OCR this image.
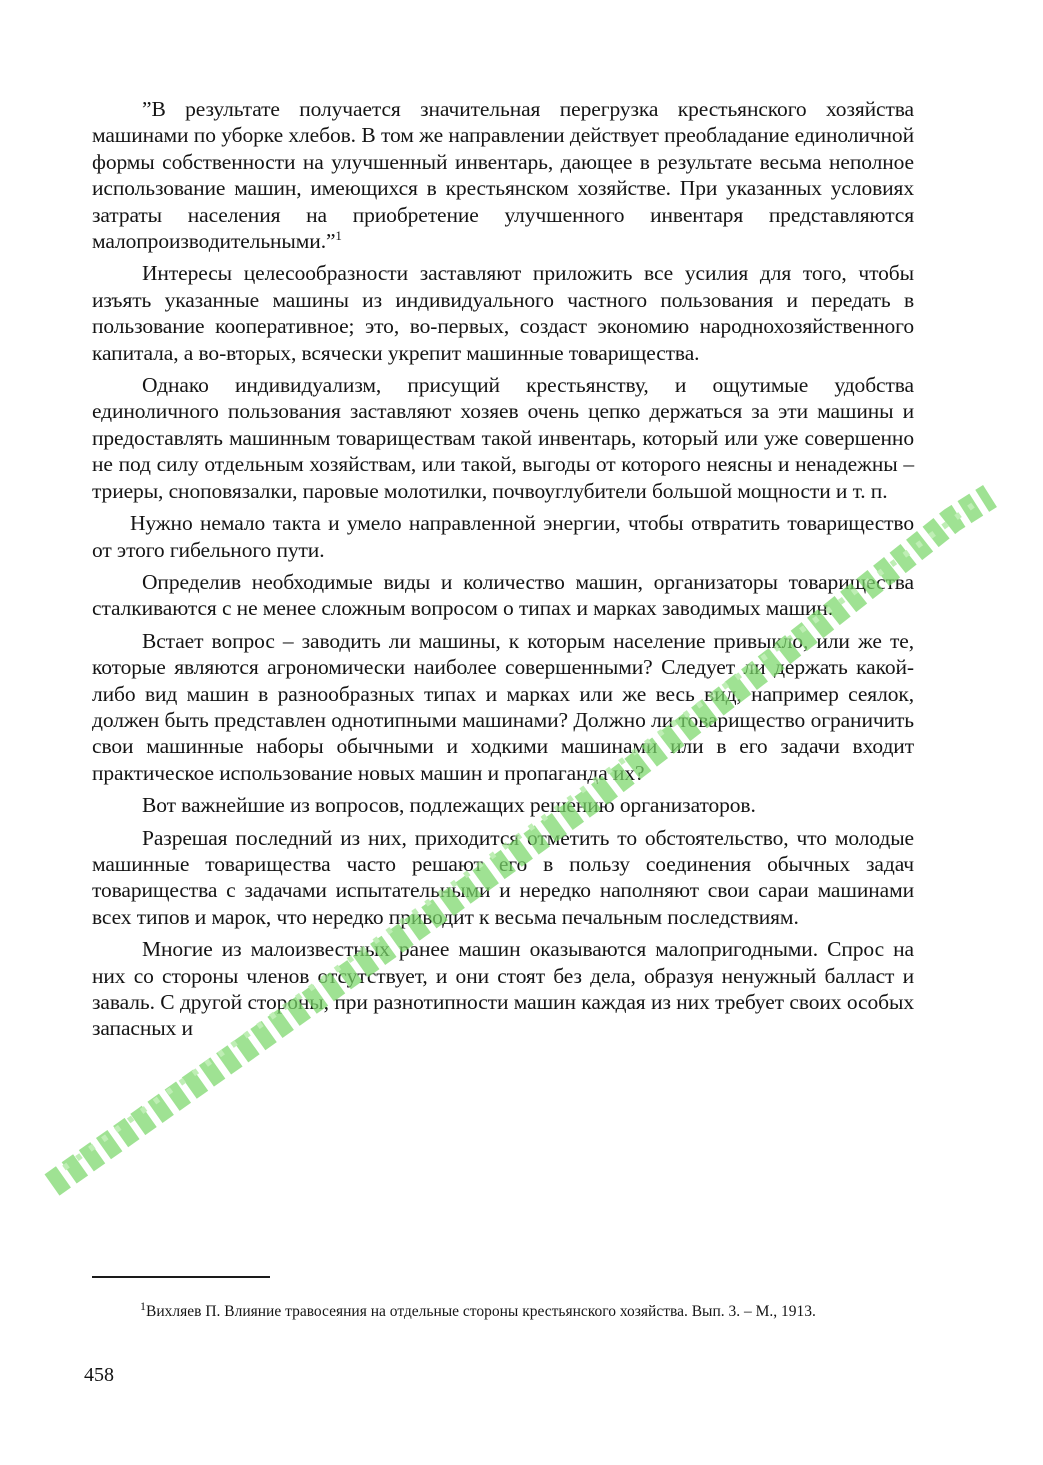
”В результате получается значительная перегрузка крестьянского хозяйства машинами по уборке хлебов. В том же направлении действует преобладание единоличной формы собственности на улучшенный инвентарь, дающее в результате весьма неполное использование машин, имеющихся в крестьянском хозяйстве. При указанных условиях затраты населения на приобретение улучшенного инвентаря представляются малопроизводительными.”$^1$

Интересы целесообразности заставляют приложить все усилия для того, чтобы изъять указанные машины из индивидуального частного пользования и передать в пользование кооперативное; это, во-первых, создаст экономию народнохозяйственного капитала, а во-вторых, всячески укрепит машинные товарищества.

Однако индивидуализм, присущий крестьянству, и ощутимые удобства единоличного пользования заставляют хозяев очень цепко держаться за эти машины и предоставлять машинным товариществам такой инвентарь, который или уже совершенно не под силу отдельным хозяйствам, или такой, выгоды от которого неясны и ненадежны – триеры, сноповязалки, паровые молотилки, почвоуглубители большой мощности и т. п.

Нужно немало такта и умело направленной энергии, чтобы отвратить товарищество от этого гибельного пути.

Определив необходимые виды и количество машин, организаторы товарищества сталкиваются с не менее сложным вопросом о типах и марках заводимых машин.

Встает вопрос – заводить ли машины, к которым население привыкло, или же те, которые являются агрономически наиболее совершенными? Следует ли держать какой-либо вид машин в разнообразных типах и марках или же весь вид, например сеялок, должен быть представлен однотипными машинами? Должно ли товарищество ограничить свои машинные наборы обычными и ходкими машинами или в его задачи входит практическое использование новых машин и пропаганда их?

Вот важнейшие из вопросов, подлежащих решению организаторов.

Разрешая последний из них, приходится отметить то обстоятельство, что молодые машинные товарищества часто решают его в пользу соединения обычных задач товарищества с задачами испытательными и нередко наполняют свои сараи машинами всех типов и марок, что нередко приводит к весьма печальным последствиям.

Многие из малоизвестных ранее машин оказываются малопригодными. Спрос на них со стороны членов отсутствует, и они стоят без дела, образуя ненужный балласт и заваль. С другой стороны, при разнотипности машин каждая из них требует своих особых запасных и

$^1$Вихляев П. Влияние травосеяния на отдельные стороны крестьянского хозяйства. Вып. 3. – М., 1913.

458
